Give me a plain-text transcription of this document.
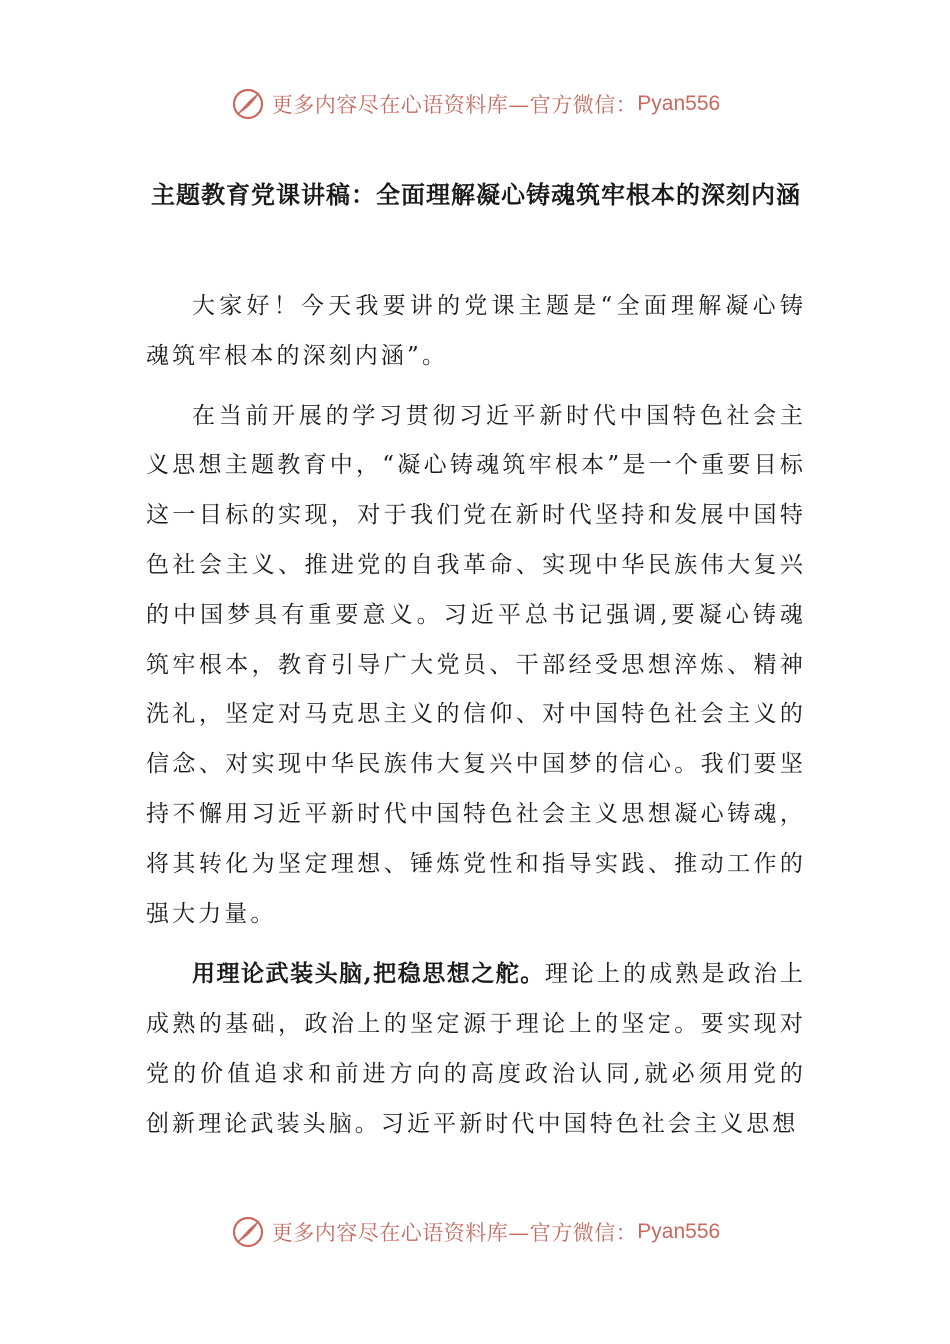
更多内容尽在心语资料库—官方微信： Pyan556
主题教育党课讲稿：全面理解凝心铸魂筑牢根本的深刻内涵

大家好！今天我要讲的党课主题是“全面理解凝心铸魂筑牢根本的深刻内涵”。

在当前开展的学习贯彻习近平新时代中国特色社会主义思想主题教育中，“凝心铸魂筑牢根本”是一个重要目标这一目标的实现，对于我们党在新时代坚持和发展中国特色社会主义、推进党的自我革命、实现中华民族伟大复兴的中国梦具有重要意义。习近平总书记强调,要凝心铸魂筑牢根本，教育引导广大党员、干部经受思想淬炼、精神洗礼，坚定对马克思主义的信仰、对中国特色社会主义的信念、对实现中华民族伟大复兴中国梦的信心。我们要坚持不懈用习近平新时代中国特色社会主义思想凝心铸魂，将其转化为坚定理想、锤炼党性和指导实践、推动工作的强大力量。

用理论武装头脑,把稳思想之舵。理论上的成熟是政治上成熟的基础，政治上的坚定源于理论上的坚定。要实现对党的价值追求和前进方向的高度政治认同,就必须用党的创新理论武装头脑。习近平新时代中国特色社会主义思想

更多内容尽在心语资料库—官方微信： Pyan556
